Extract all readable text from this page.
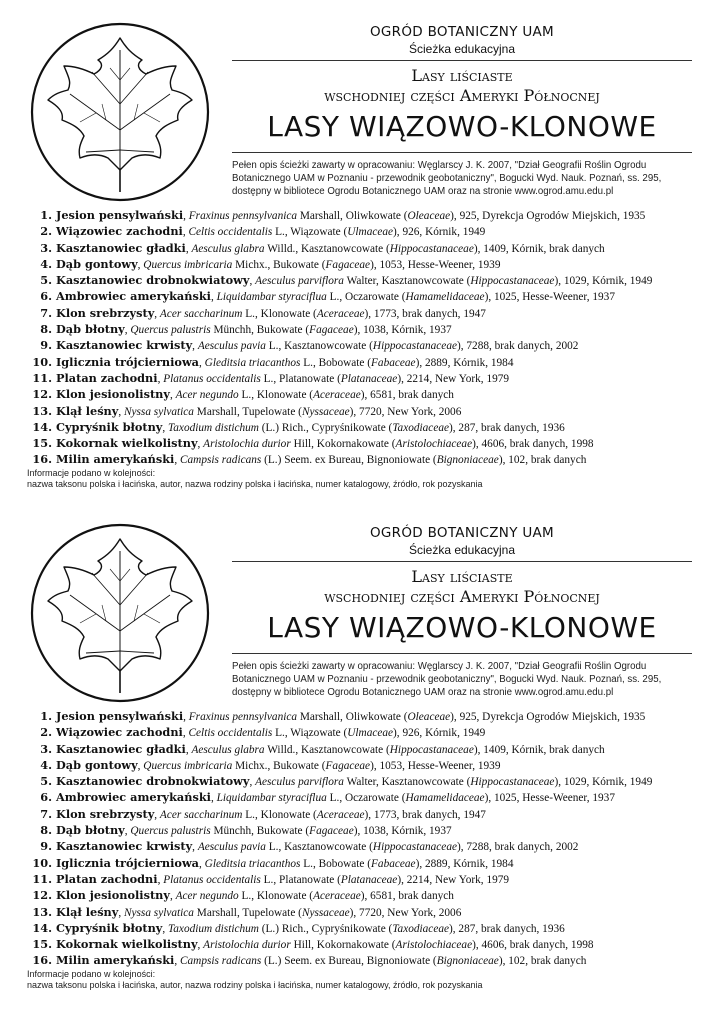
OGRÓD BOTANICZNY UAM
Ścieżka edukacyjna
Lasy liściaste
wschodniej części Ameryki Północnej
LASY WIĄZOWO-KLONOWE
Pełen opis ścieżki zawarty w opracowaniu: Węglarscy J. K. 2007, "Dział Geografii Roślin Ogrodu Botanicznego UAM w Poznaniu - przewodnik geobotaniczny", Bogucki Wyd. Nauk. Poznań, ss. 295, dostępny w bibliotece Ogrodu Botanicznego UAM oraz na stronie www.ogrod.amu.edu.pl
1. Jesion pensylwański, Fraxinus pennsylvanica Marshall, Oliwkowate (Oleaceae), 925, Dyrekcja Ogrodów Miejskich, 1935
2. Wiązowiec zachodni, Celtis occidentalis L., Wiązowate (Ulmaceae), 926, Kórnik, 1949
3. Kasztanowiec gładki, Aesculus glabra Willd., Kasztanowcowate (Hippocastanaceae), 1409, Kórnik, brak danych
4. Dąb gontowy, Quercus imbricaria Michx., Bukowate (Fagaceae), 1053, Hesse-Weener, 1939
5. Kasztanowiec drobnokwiatowy, Aesculus parviflora Walter, Kasztanowcowate (Hippocastanaceae), 1029, Kórnik, 1949
6. Ambrowiec amerykański, Liquidambar styraciflua L., Oczarowate (Hamamelidaceae), 1025, Hesse-Weener, 1937
7. Klon srebrzysty, Acer saccharinum L., Klonowate (Aceraceae), 1773, brak danych, 1947
8. Dąb błotny, Quercus palustris Münchh, Bukowate (Fagaceae), 1038, Kórnik, 1937
9. Kasztanowiec krwisty, Aesculus pavia L., Kasztanowcowate (Hippocastanaceae), 7288, brak danych, 2002
10. Iglicznia trójcierniowa, Gleditsia triacanthos L., Bobowate (Fabaceae), 2889, Kórnik, 1984
11. Platan zachodni, Platanus occidentalis L., Platanowate (Platanaceae), 2214, New York, 1979
12. Klon jesionolistny, Acer negundo L., Klonowate (Aceraceae), 6581, brak danych
13. Klął leśny, Nyssa sylvatica Marshall, Tupelowate (Nyssaceae), 7720, New York, 2006
14. Cypryśnik błotny, Taxodium distichum (L.) Rich., Cypryśnikowate (Taxodiaceae), 287, brak danych, 1936
15. Kokornak wielkolistny, Aristolochia durior Hill, Kokornakowate (Aristolochiaceae), 4606, brak danych, 1998
16. Milin amerykański, Campsis radicans (L.) Seem. ex Bureau, Bignoniowate (Bignoniaceae), 102, brak danych
Informacje podano w kolejności:
nazwa taksonu polska i łacińska, autor, nazwa rodziny polska i łacińska, numer katalogowy, źródło, rok pozyskania
OGRÓD BOTANICZNY UAM
Ścieżka edukacyjna
Lasy liściaste
wschodniej części Ameryki Północnej
LASY WIĄZOWO-KLONOWE
Pełen opis ścieżki zawarty w opracowaniu: Węglarscy J. K. 2007, "Dział Geografii Roślin Ogrodu Botanicznego UAM w Poznaniu - przewodnik geobotaniczny", Bogucki Wyd. Nauk. Poznań, ss. 295, dostępny w bibliotece Ogrodu Botanicznego UAM oraz na stronie www.ogrod.amu.edu.pl
1. Jesion pensylwański, Fraxinus pennsylvanica Marshall, Oliwkowate (Oleaceae), 925, Dyrekcja Ogrodów Miejskich, 1935
2. Wiązowiec zachodni, Celtis occidentalis L., Wiązowate (Ulmaceae), 926, Kórnik, 1949
3. Kasztanowiec gładki, Aesculus glabra Willd., Kasztanowcowate (Hippocastanaceae), 1409, Kórnik, brak danych
4. Dąb gontowy, Quercus imbricaria Michx., Bukowate (Fagaceae), 1053, Hesse-Weener, 1939
5. Kasztanowiec drobnokwiatowy, Aesculus parviflora Walter, Kasztanowcowate (Hippocastanaceae), 1029, Kórnik, 1949
6. Ambrowiec amerykański, Liquidambar styraciflua L., Oczarowate (Hamamelidaceae), 1025, Hesse-Weener, 1937
7. Klon srebrzysty, Acer saccharinum L., Klonowate (Aceraceae), 1773, brak danych, 1947
8. Dąb błotny, Quercus palustris Münchh, Bukowate (Fagaceae), 1038, Kórnik, 1937
9. Kasztanowiec krwisty, Aesculus pavia L., Kasztanowcowate (Hippocastanaceae), 7288, brak danych, 2002
10. Iglicznia trójcierniowa, Gleditsia triacanthos L., Bobowate (Fabaceae), 2889, Kórnik, 1984
11. Platan zachodni, Platanus occidentalis L., Platanowate (Platanaceae), 2214, New York, 1979
12. Klon jesionolistny, Acer negundo L., Klonowate (Aceraceae), 6581, brak danych
13. Klął leśny, Nyssa sylvatica Marshall, Tupelowate (Nyssaceae), 7720, New York, 2006
14. Cypryśnik błotny, Taxodium distichum (L.) Rich., Cypryśnikowate (Taxodiaceae), 287, brak danych, 1936
15. Kokornak wielkolistny, Aristolochia durior Hill, Kokornakowate (Aristolochiaceae), 4606, brak danych, 1998
16. Milin amerykański, Campsis radicans (L.) Seem. ex Bureau, Bignoniowate (Bignoniaceae), 102, brak danych
Informacje podano w kolejności:
nazwa taksonu polska i łacińska, autor, nazwa rodziny polska i łacińska, numer katalogowy, źródło, rok pozyskania
